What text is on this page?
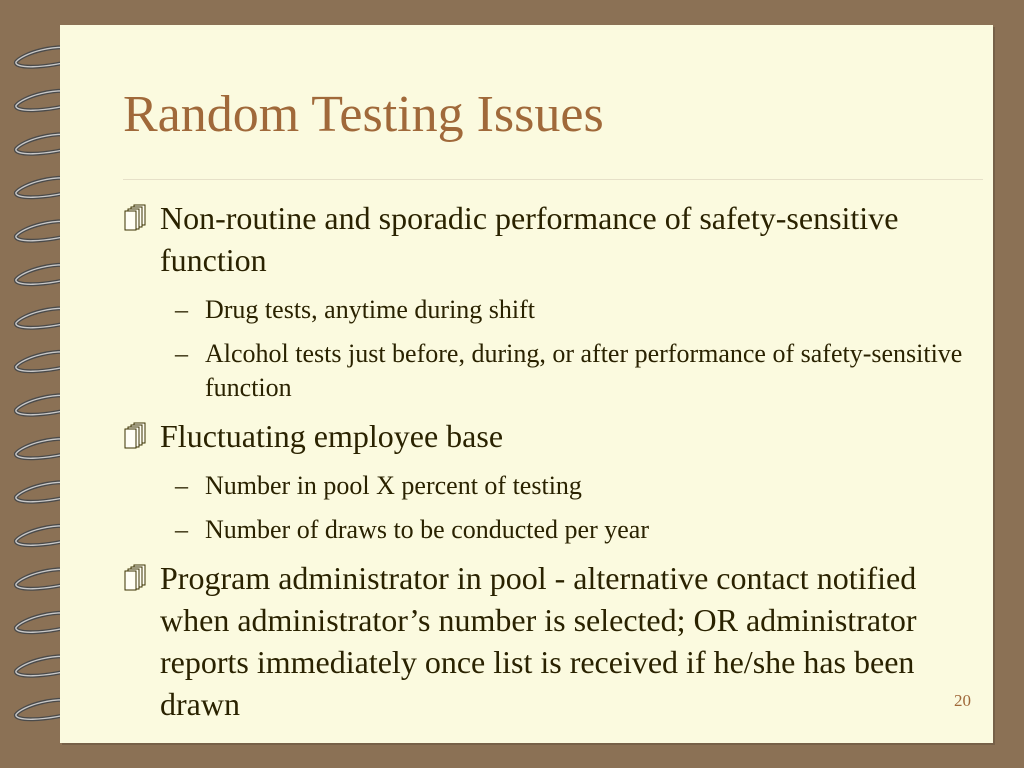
Random Testing Issues
Non-routine and sporadic performance of safety-sensitive function
– Drug tests, anytime during shift
– Alcohol tests just before, during, or after performance of safety-sensitive function
Fluctuating employee base
– Number in pool X percent of testing
– Number of draws to be conducted per year
Program administrator in pool - alternative contact notified when administrator’s number is selected; OR administrator reports immediately once list is received if he/she has been drawn	20
